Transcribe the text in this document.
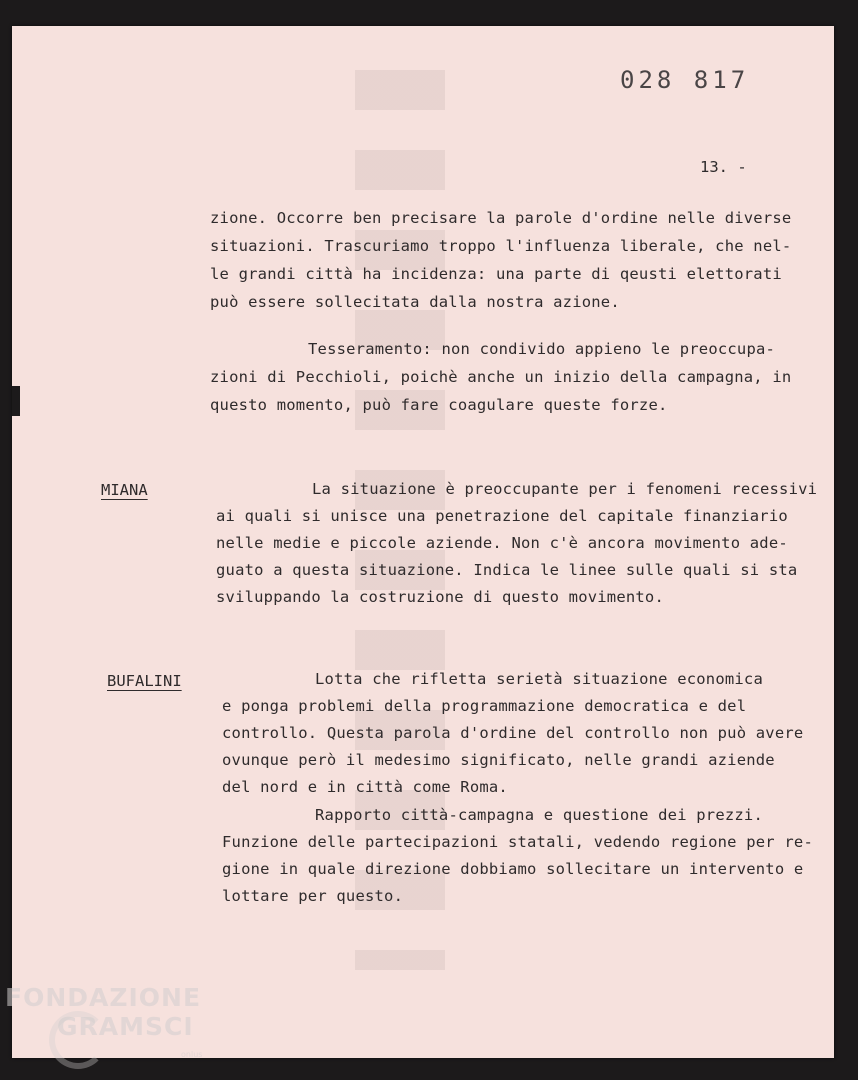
028 817
13. -
zione. Occorre ben precisare la parole d'ordine nelle diverse
situazioni. Trascuriamo troppo l'influenza liberale, che nel-
le grandi città ha incidenza: una parte di qeusti elettorati
può essere sollecitata dalla nostra azione.
Tesseramento: non condivido appieno le preoccupa-
zioni di Pecchioli, poichè anche un inizio della campagna, in
questo momento, può fare coagulare queste forze.
MIANA	La situazione è preoccupante per i fenomeni recessivi
ai quali si unisce una penetrazione del capitale finanziario
nelle medie e piccole aziende. Non c'è ancora movimento ade-
guato a questa situazione. Indica le linee sulle quali si sta
sviluppando la costruzione di questo movimento.
BUFALINI	Lotta che rifletta serietà situazione economica
e ponga problemi della programmazione democratica e del
controllo. Questa parola d'ordine del controllo non può avere
ovunque però il medesimo significato, nelle grandi aziende
del nord e in città come Roma.
Rapporto città-campagna e questione dei prezzi.
Funzione delle partecipazioni statali, vedendo regione per re-
gione in quale direzione dobbiamo sollecitare un intervento e
lottare per questo.
FONDAZIONE
GRAMSCI
onlus
